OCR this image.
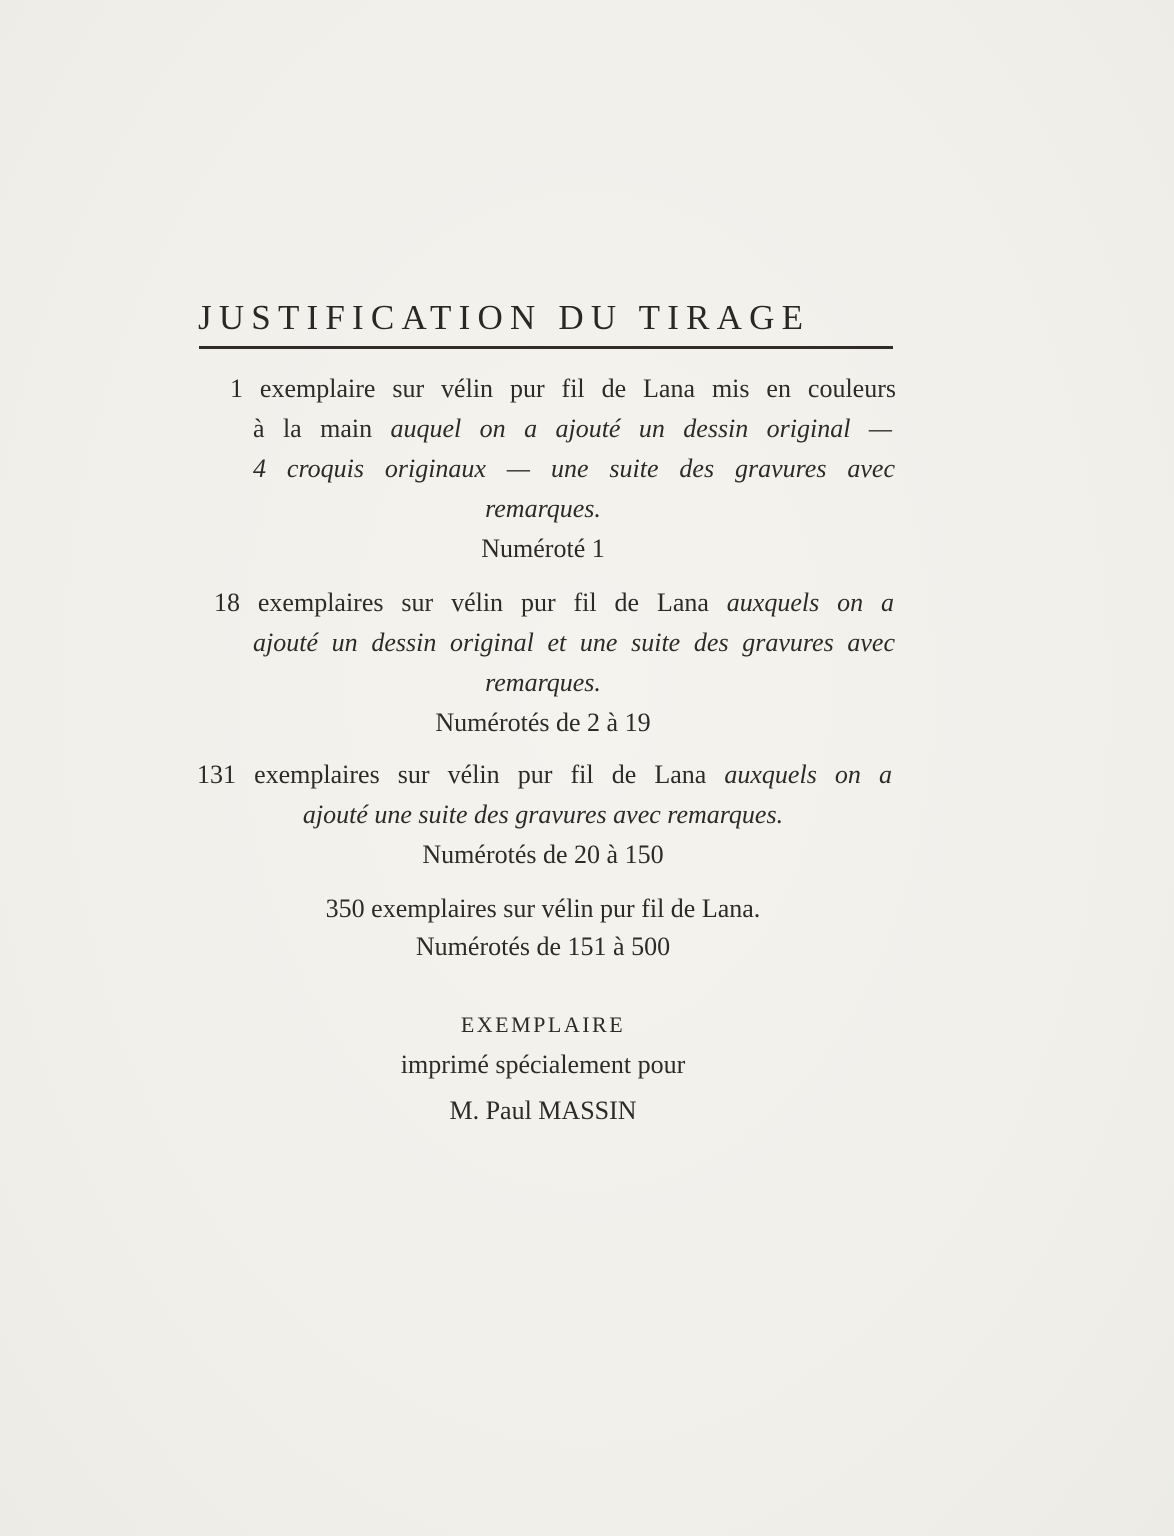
JUSTIFICATION DU TIRAGE
1 exemplaire sur vélin pur fil de Lana mis en couleurs
à la main auquel on a ajouté un dessin original —
4 croquis originaux — une suite des gravures avec
remarques.
Numéroté 1
18 exemplaires sur vélin pur fil de Lana auxquels on a
ajouté un dessin original et une suite des gravures avec
remarques.
Numérotés de 2 à 19
131 exemplaires sur vélin pur fil de Lana auxquels on a
ajouté une suite des gravures avec remarques.
Numérotés de 20 à 150
350 exemplaires sur vélin pur fil de Lana.
Numérotés de 151 à 500
EXEMPLAIRE
imprimé spécialement pour
M. Paul MASSIN
